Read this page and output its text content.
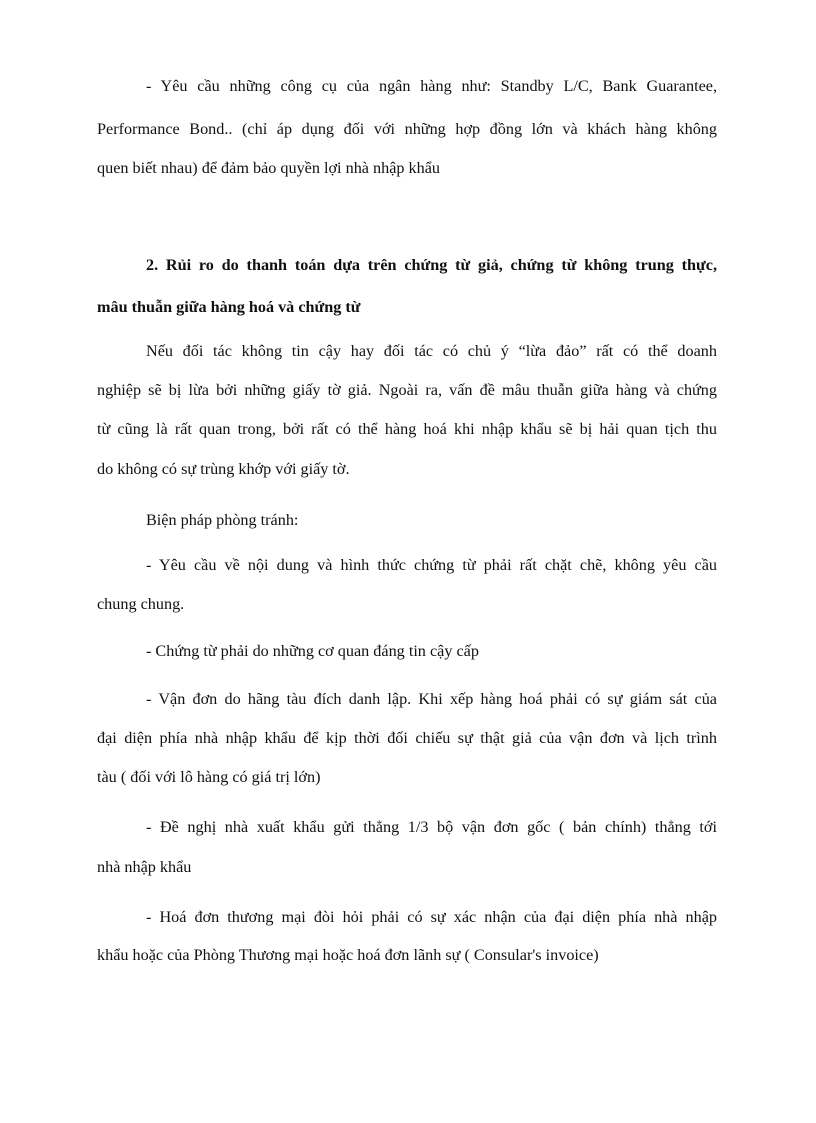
- Yêu cầu những công cụ của ngân hàng như: Standby L/C, Bank Guarantee,
Performance Bond.. (chỉ áp dụng đối với những hợp đồng lớn và khách hàng không
quen biết nhau) để đảm bảo quyền lợi nhà nhập khẩu
2. Rủi ro do thanh toán dựa trên chứng từ giả, chứng từ không trung thực,
mâu thuẫn giữa hàng hoá và chứng từ
Nếu đối tác không tin cậy hay đối tác có chủ ý “lừa đảo” rất có thể doanh
nghiệp sẽ bị lừa bởi những giấy tờ giả. Ngoài ra, vấn đề mâu thuẫn giữa hàng và chứng
từ cũng là rất quan trong, bởi rất có thể hàng hoá khi nhập khẩu sẽ bị hải quan tịch thu
do không có sự trùng khớp với giấy tờ.
Biện pháp phòng tránh:
- Yêu cầu về nội dung và hình thức chứng từ phải rất chặt chẽ, không yêu cầu
chung chung.
- Chứng từ phải do những cơ quan đáng tin cậy cấp
- Vận đơn do hãng tàu đích danh lập. Khi xếp hàng hoá phải có sự giám sát của
đại diện phía nhà nhập khẩu để kịp thời đối chiếu sự thật giả của vận đơn và lịch trình
tàu ( đối với lô hàng có giá trị lớn)
- Đề nghị nhà xuất khẩu gửi thẳng 1/3 bộ vận đơn gốc ( bản chính) thẳng tới
nhà nhập khẩu
- Hoá đơn thương mại đòi hỏi phải có sự xác nhận của đại diện phía nhà nhập
khẩu hoặc của Phòng Thương mại hoặc hoá đơn lãnh sự ( Consular's invoice)
